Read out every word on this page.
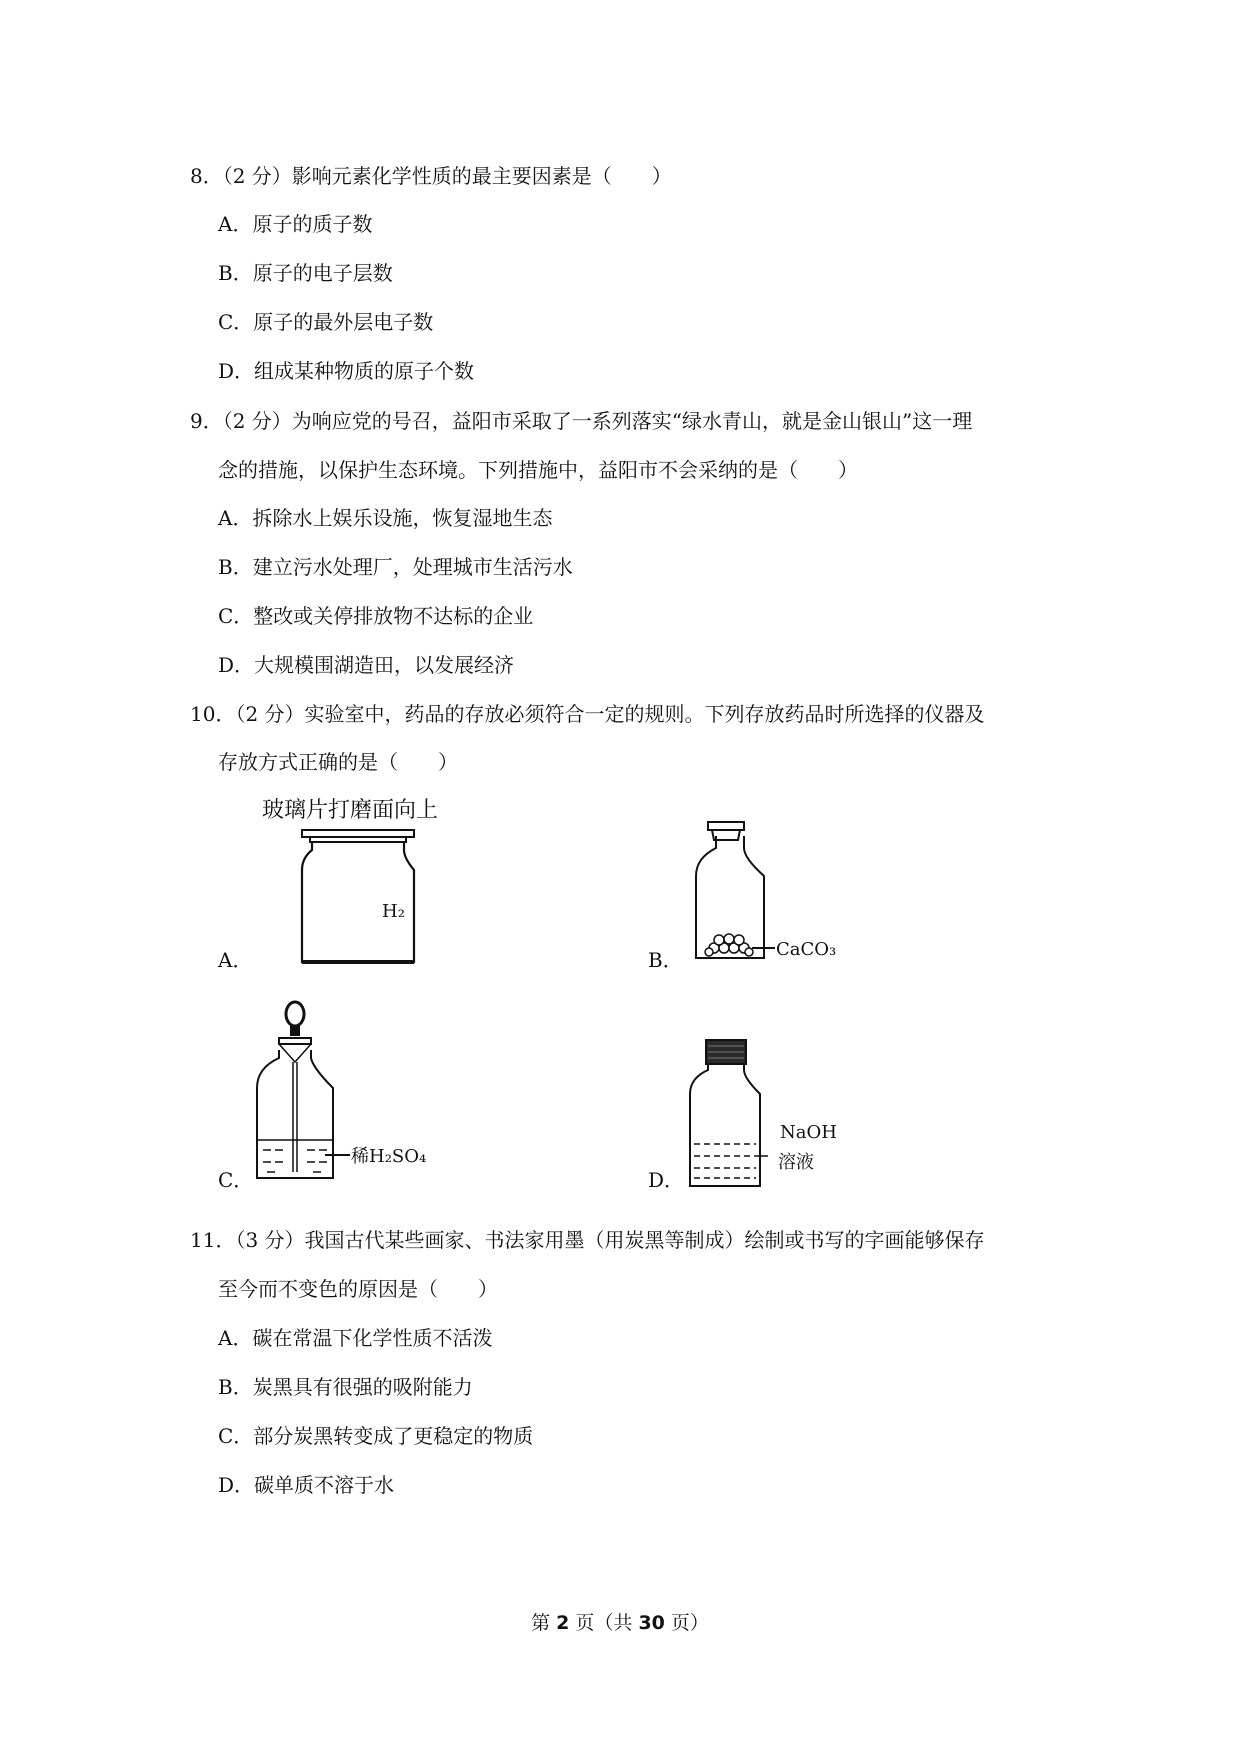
8．（2 分）影响元素化学性质的最主要因素是（　　）
A．原子的质子数
B．原子的电子层数
C．原子的最外层电子数
D．组成某种物质的原子个数
9．（2 分）为响应党的号召，益阳市采取了一系列落实“绿水青山，就是金山银山”这一理
念的措施，以保护生态环境。下列措施中，益阳市不会采纳的是（　　）
A．拆除水上娱乐设施，恢复湿地生态
B．建立污水处理厂，处理城市生活污水
C．整改或关停排放物不达标的企业
D．大规模围湖造田，以发展经济
10．（2 分）实验室中，药品的存放必须符合一定的规则。下列存放药品时所选择的仪器及
存放方式正确的是（　　）
A．
玻璃片打磨面向上
H₂
B．	CaCO₃
C．
稀H₂SO₄
D．
NaOH
溶液
11．（3 分）我国古代某些画家、书法家用墨（用炭黑等制成）绘制或书写的字画能够保存
至今而不变色的原因是（　　）
A．碳在常温下化学性质不活泼
B．炭黑具有很强的吸附能力
C．部分炭黑转变成了更稳定的物质
D．碳单质不溶于水
第 2 页（共 30 页）
